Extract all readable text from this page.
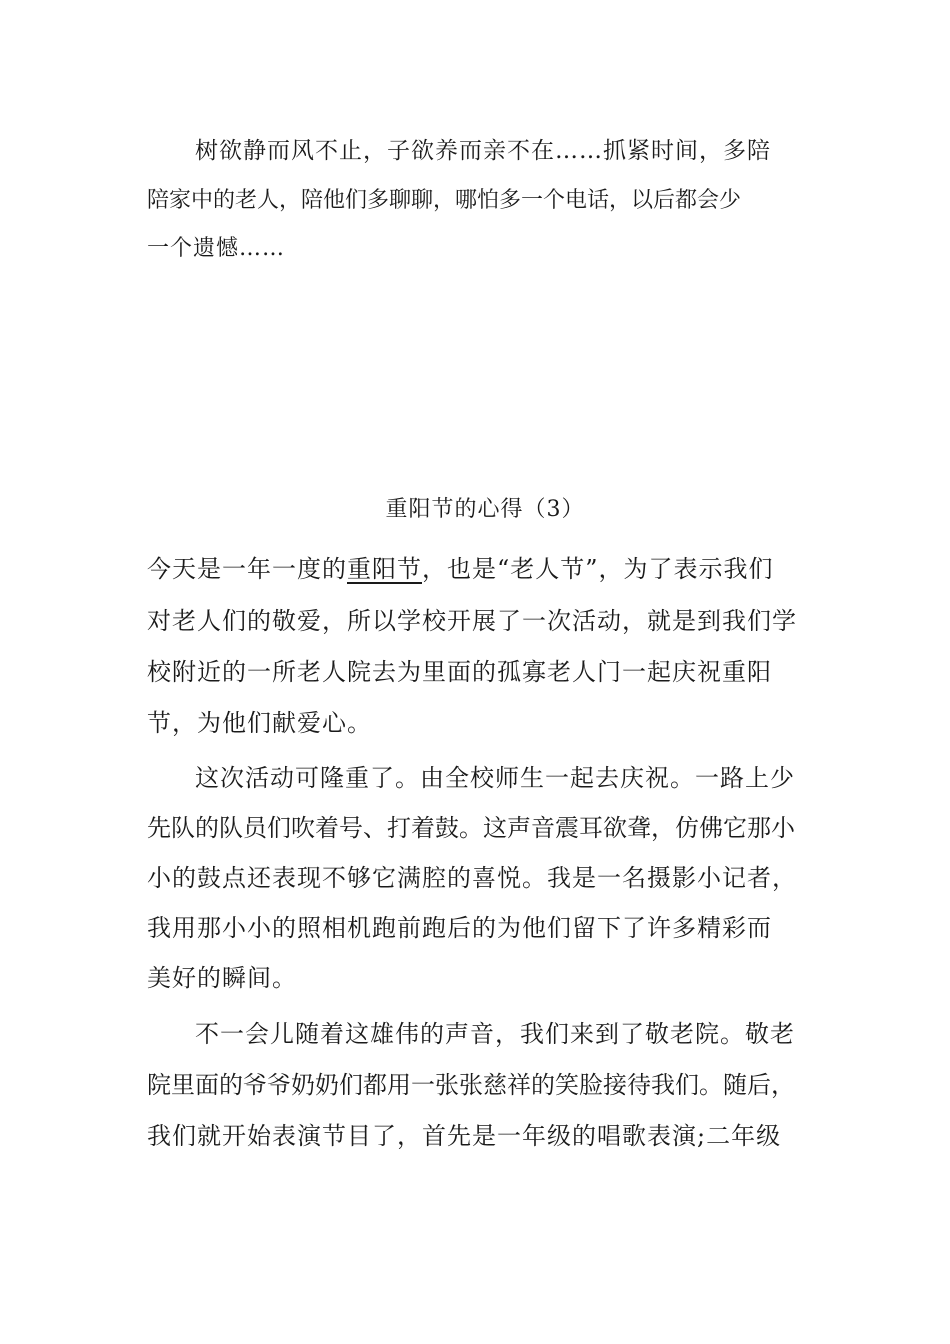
树欲静而风不止，子欲养而亲不在……抓紧时间，多陪
陪家中的老人，陪他们多聊聊，哪怕多一个电话，以后都会少
一个遗憾……
重阳节的心得（3）
今天是一年一度的重阳节，也是“老人节”，为了表示我们
对老人们的敬爱，所以学校开展了一次活动，就是到我们学
校附近的一所老人院去为里面的孤寡老人门一起庆祝重阳
节，为他们献爱心。
这次活动可隆重了。由全校师生一起去庆祝。一路上少
先队的队员们吹着号、打着鼓。这声音震耳欲聋，仿佛它那小
小的鼓点还表现不够它满腔的喜悦。我是一名摄影小记者，
我用那小小的照相机跑前跑后的为他们留下了许多精彩而
美好的瞬间。
不一会儿随着这雄伟的声音，我们来到了敬老院。敬老
院里面的爷爷奶奶们都用一张张慈祥的笑脸接待我们。随后，
我们就开始表演节目了，首先是一年级的唱歌表演;二年级
